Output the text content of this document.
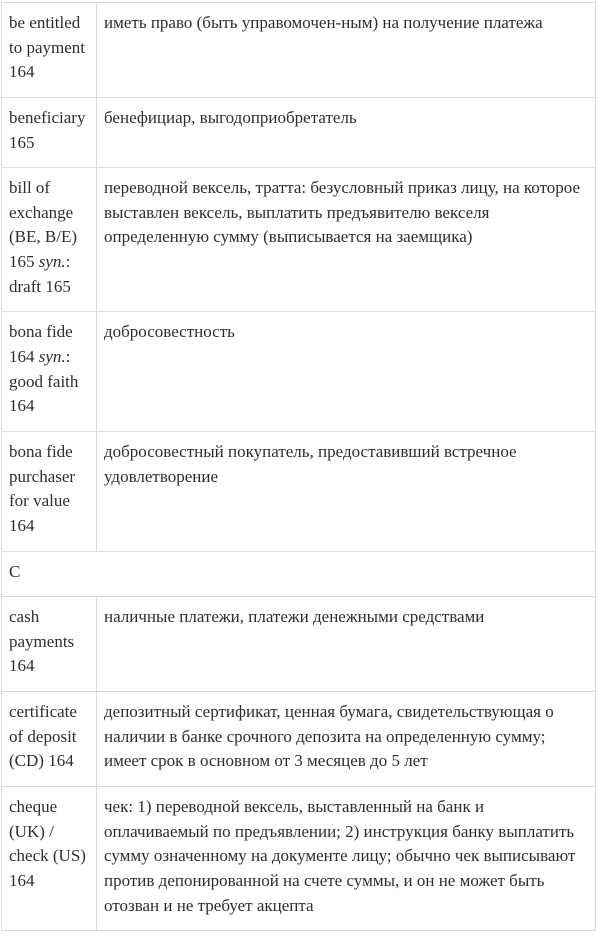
be entitled to payment 164	иметь право (быть управомочен-ным) на получение платежа
beneficiary 165	бенефициар, выгодоприобретатель
bill of exchange (BE, B/E) 165 syn.: draft 165	переводной вексель, тратта: безусловный приказ лицу, на которое выставлен вексель, выплатить предъявителю векселя определенную сумму (выписывается на заемщика)
bona fide 164 syn.: good faith 164	добросовестность
bona fide purchaser for value 164	добросовестный покупатель, предоставивший встречное удовлетворение
C	
cash payments 164	наличные платежи, платежи денежными средствами
certificate of deposit (CD) 164	депозитный сертификат, ценная бумага, свидетельствующая о наличии в банке срочного депозита на определенную сумму; имеет срок в основном от 3 месяцев до 5 лет
cheque (UK) / check (US) 164	чек: 1) переводной вексель, выставленный на банк и оплачиваемый по предъявлении; 2) инструкция банку выплатить сумму означенному на документе лицу; обычно чек выписывают против депонированной на счете суммы, и он не может быть отозван и не требует акцепта
